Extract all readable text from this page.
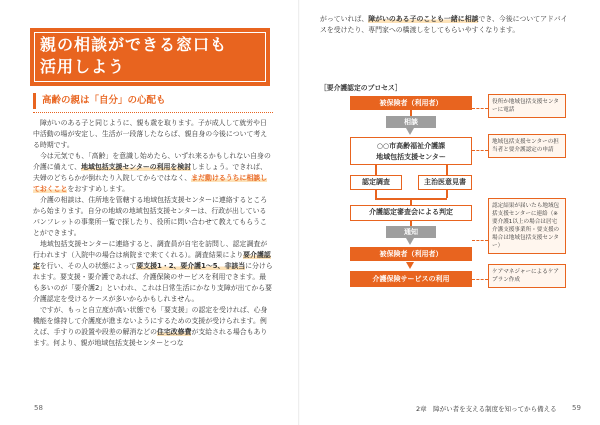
親の相談ができる窓口も
活用しよう
高齢の親は「自分」の心配も

障がいのある子と同じように、親も歳を取ります。子が成人して就労や日中活動の場が安定し、生活が一段落したならば、親自身の今後について考える時期です。

今は元気でも、「高齢」を意識し始めたら、いずれ来るかもしれない自身の介護に備えて、地域包括支援センターの利用を検討しましょう。できれば、夫婦のどちらかが倒れたり入院してからではなく、まだ動けるうちに相談しておくことをおすすめします。

介護の相談は、住所地を管轄する地域包括支援センターに連絡するところから始まります。自分の地域の地域包括支援センターは、行政が出しているパンフレットの事業所一覧で探したり、役所に問い合わせて教えてもらうことができます。

地域包括支援センターに連絡すると、調査員が自宅を訪問し、認定調査が行われます（入院中の場合は病院まで来てくれる）。調査結果により要介護認定を行い、その人の状態によって要支援1・2、要介護1〜5、非該当に分けられます。要支援・要介護であれば、介護保険のサービスを利用できます。最も多いのが「要介護2」といわれ、これは日常生活にかなり支障が出てから要介護認定を受けるケースが多いからかもしれません。

ですが、もっと自立度が高い状態でも「要支援」の認定を受ければ、心身機能を維持して介護度が進まないようにするための支援が受けられます。例えば、手すりの設置や段差の解消などの住宅改修費が支給される場合もあります。何より、親が地域包括支援センターとつな

58

がっていれば、障がいのある子のことも一緒に相談でき、今後についてアドバイスを受けたり、専門家への橋渡しをしてもらいやすくなります。

［要介護認定のプロセス］
被保険者（利用者）
相談
○○市高齢福祉介護課
地域包括支援センター
認定調査	主治医意見書
介護認定審査会による判定
通知
被保険者（利用者）
介護保険サービスの利用
役所か地域包括支援センターに電話
地域包括支援センターの担当者と要介護認定の申請
認定結果が届いたら地域包括支援センターに連絡（※要介護1以上の場合は居宅介護支援事業所・要支援の場合は地域包括支援センター）
ケアマネジャーによるケアプラン作成
2章　障がい者を支える制度を知ってから備える 59
